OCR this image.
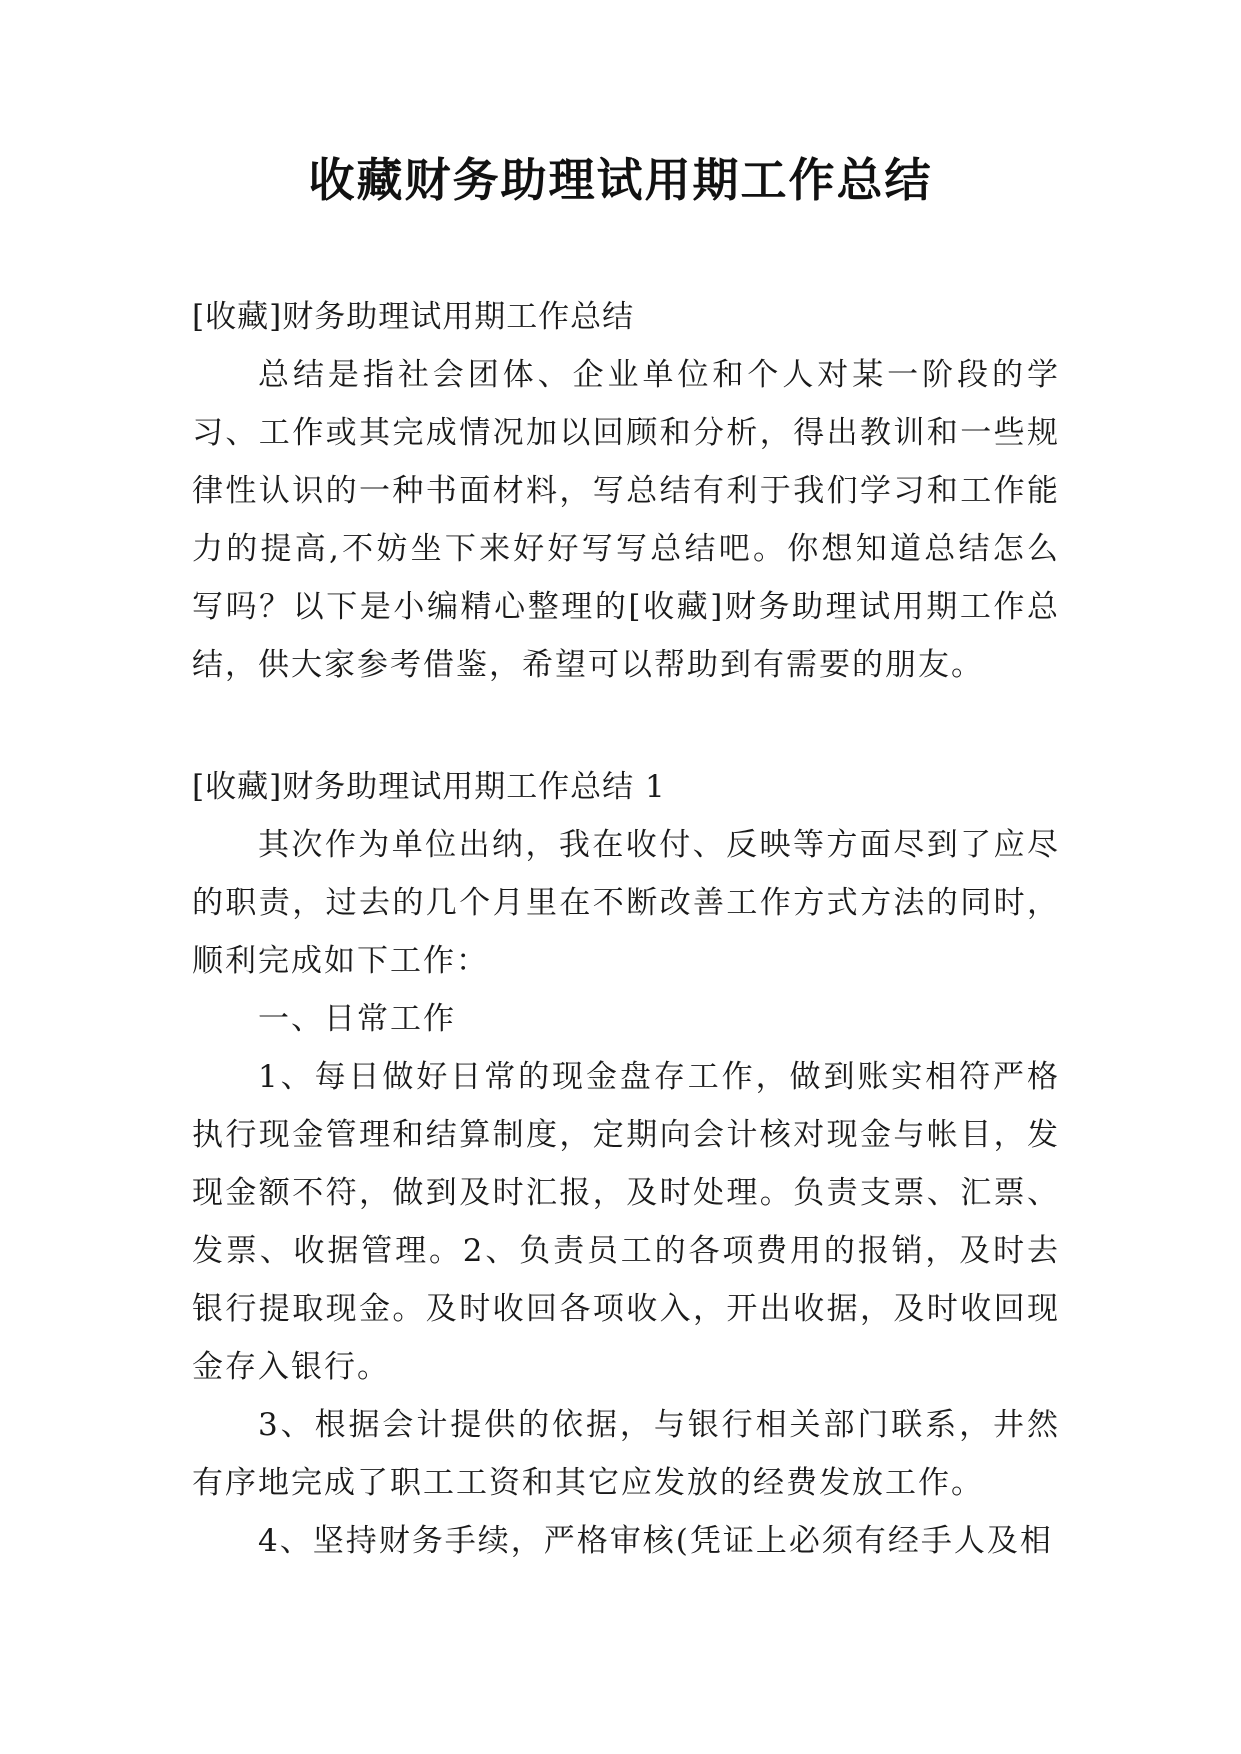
收藏财务助理试用期工作总结

[收藏]财务助理试用期工作总结

总结是指社会团体、企业单位和个人对某一阶段的学习、工作或其完成情况加以回顾和分析，得出教训和一些规律性认识的一种书面材料，写总结有利于我们学习和工作能力的提高,不妨坐下来好好写写总结吧。你想知道总结怎么写吗？以下是小编精心整理的[收藏]财务助理试用期工作总结，供大家参考借鉴，希望可以帮助到有需要的朋友。

[收藏]财务助理试用期工作总结 1

其次作为单位出纳，我在收付、反映等方面尽到了应尽的职责，过去的几个月里在不断改善工作方式方法的同时，顺利完成如下工作：

一、日常工作

1、每日做好日常的现金盘存工作，做到账实相符严格执行现金管理和结算制度，定期向会计核对现金与帐目，发现金额不符，做到及时汇报，及时处理。负责支票、汇票、发票、收据管理。2、负责员工的各项费用的报销，及时去银行提取现金。及时收回各项收入，开出收据，及时收回现金存入银行。

3、根据会计提供的依据，与银行相关部门联系，井然有序地完成了职工工资和其它应发放的经费发放工作。

4、坚持财务手续，严格审核(凭证上必须有经手人及相
